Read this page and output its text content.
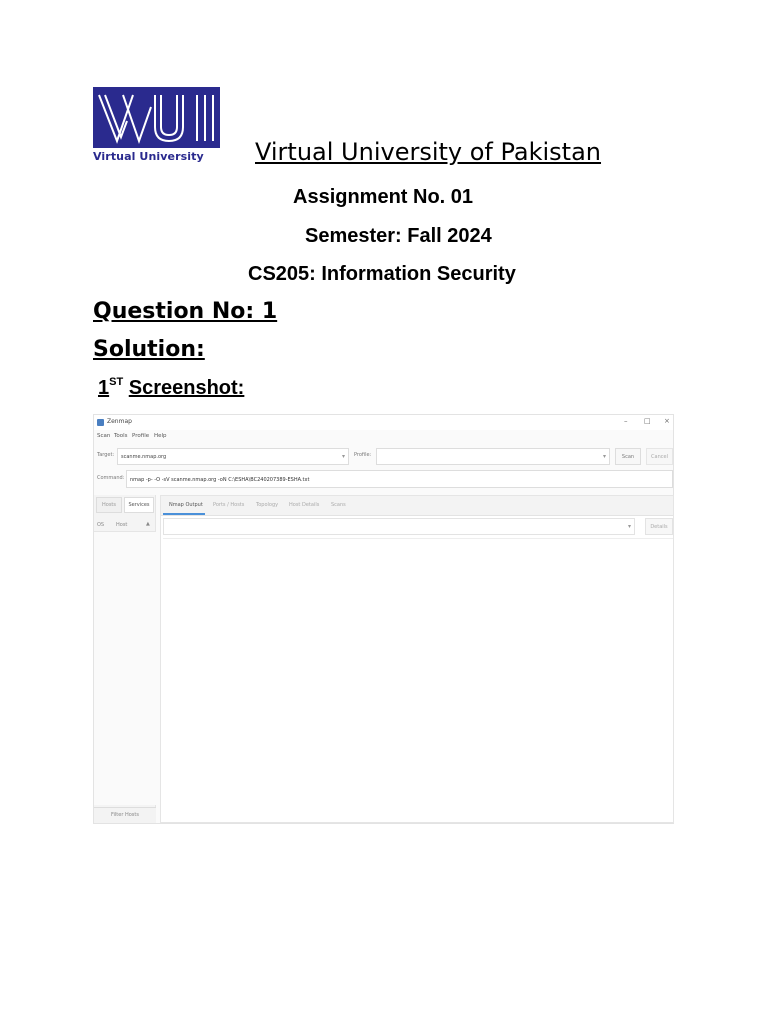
Virtual University	Virtual University of Pakistan
Assignment No. 01
Semester: Fall 2024
CS205: Information Security
Question No: 1
Solution:
1ST Screenshot:
Zenmap	– □ ×
Scan Tools Profile Help
Target:	scanme.nmap.org	▾ Profile:	▾	Scan	Cancel
Command:	nmap -p- -O -sV scanme.nmap.org -oN C:\ESHA\BC240207389-ESHA.txt
Hosts	Services
OS Host	▲
Filter Hosts
Nmap Output Ports / Hosts Topology Host Details Scans
▾	Details
